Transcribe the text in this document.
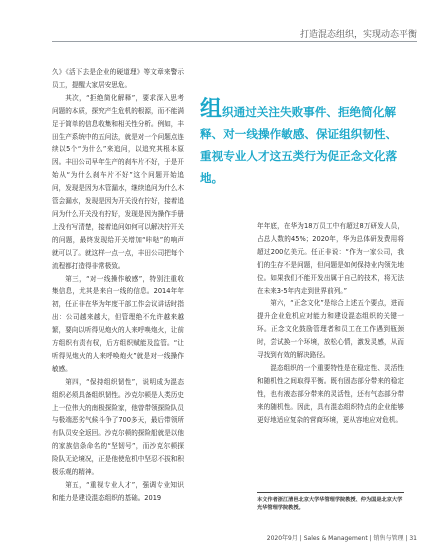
打造混态组织，实现动态平衡

久》《活下去是企业的硬道理》等文章来警示员工，提醒大家居安思危。

其次，“拒绝简化解释”，要求深入思考问题的本质，探究产生危机的根源，而不能满足于简单的信息收集和相关性分析。例如，丰田生产系统中的五问法，就是对一个问题点连续以5个“为什么”来追问，以追究其根本原因。丰田公司早年生产的刹车片不好，于是开始从“为什么刹车片不好”这个问题开始追问，发现是因为木管漏水，继续追问为什么木管会漏水，发现是因为开关没有拧好，接着追问为什么开关没有拧好，发现是因为操作手册上没有写清楚，接着追问如何可以解决拧开关的问题，最终发现给开关增加“咔哒”的响声就可以了。就这样一点一点，丰田公司把每个流程都打造得非常极致。

第三，“对一线操作敏感”，特别注重收集信息，尤其是来自一线的信息。2014年年初，任正非在华为年度干部工作会议讲话时指出：公司越来越大，但管理绝不允许越来越繁，要向以听得见炮火的人来呼唤炮火，让前方组织有责有权，后方组织赋能及监管。“让听得见炮火的人来呼唤炮火”就是对一线操作敏感。

第四，“保持组织韧性”，说明成为混态组织必须具备组织韧性。沙克尔顿是人类历史上一位伟大的南极探险家，他曾带领探险队员与极端恶劣气候斗争了700多天，最后带领所有队员安全返回。沙克尔顿的探险船就是以他的家族信条命名的“坚韧号”，而沙克尔顿探险队无论境况，正是他使危机中坚忍不拔和积极乐观的精神。

第五，“重视专业人才”，强调专业知识和能力是建设混态组织的基础。2019

组织通过关注失败事件、拒绝简化解释、对一线操作敏感、保证组织韧性、重视专业人才这五类行为促正念文化落地。

年年底，在华为18万员工中有超过8万研发人员，占总人数的45%；2020年，华为总体研发费用将超过200亿美元。任正非说：“作为一家公司，我们的生存不是问题，但问题是如何保持业内领先地位。如果我们不能开发出属于自己的技术，将无法在未来3-5年内走到世界前列。”

第六，“正念文化”是综合上述五个要点，进而提升企业危机应对能力和建设混态组织的关键一环。正念文化鼓励管理者和员工在工作遇到瓶颈时，尝试换一个环境，放松心情，激发灵感，从而寻找到有效的解决路径。

混态组织的一个重要特性是在稳定性、灵活性和随机性之间取得平衡。既有固态部分带来的稳定性，也有液态部分带来的灵活性，还有气态部分带来的随机性。因此，具有混态组织特点的企业能够更好地适应复杂的营商环境，更从容地应对危机。

本文作者浙江清邑北京大学华管理学院教授、仲为国是北京大学光华管理学院教授。
2020年9月 | Sales & Management | 销售与管理 | 31
